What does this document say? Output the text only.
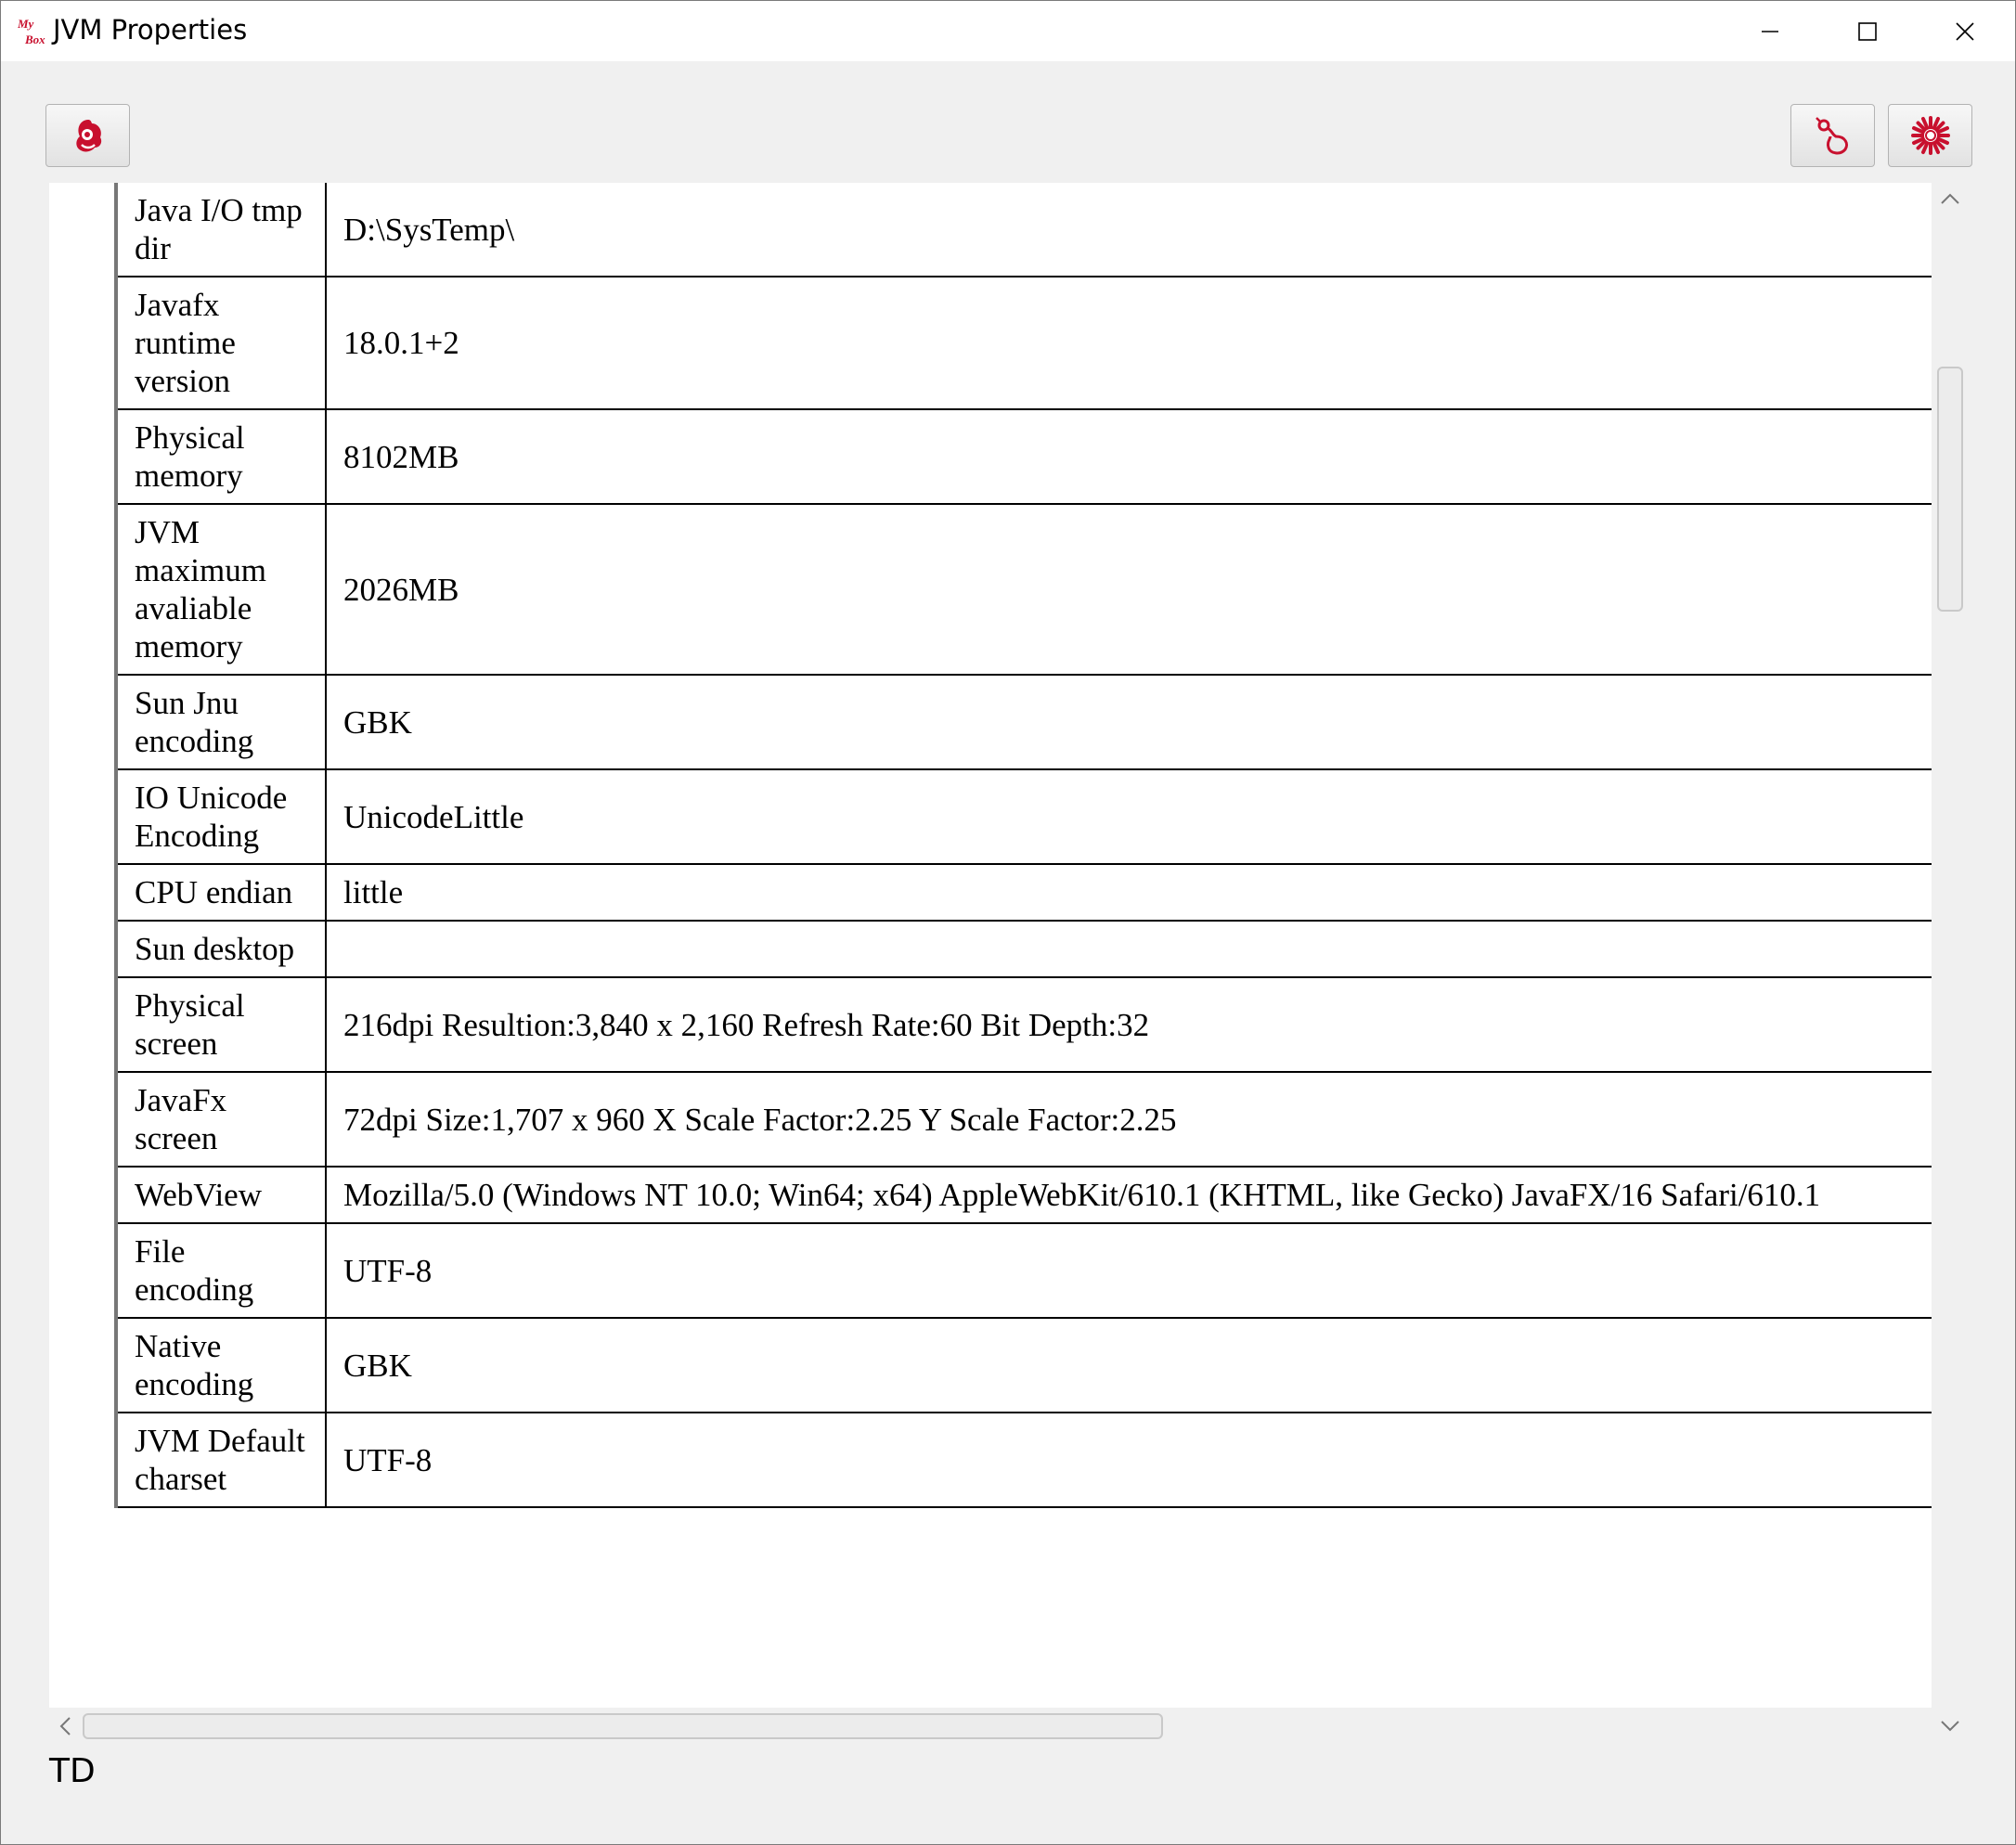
My
Box JVM Properties
Java I/O tmp dir	D:\SysTemp\
Javafx runtime version	18.0.1+2
Physical memory	8102MB
JVM maximum avaliable memory	2026MB
Sun Jnu encoding	GBK
IO Unicode Encoding	UnicodeLittle
CPU endian	little
Sun desktop	
Physical screen	216dpi Resultion:3,840 x 2,160 Refresh Rate:60 Bit Depth:32
JavaFx screen	72dpi Size:1,707 x 960 X Scale Factor:2.25 Y Scale Factor:2.25
WebView	Mozilla/5.0 (Windows NT 10.0; Win64; x64) AppleWebKit/610.1 (KHTML, like Gecko) JavaFX/16 Safari/610.1
File encoding	UTF-8
Native encoding	GBK
JVM Default charset	UTF-8
TD
